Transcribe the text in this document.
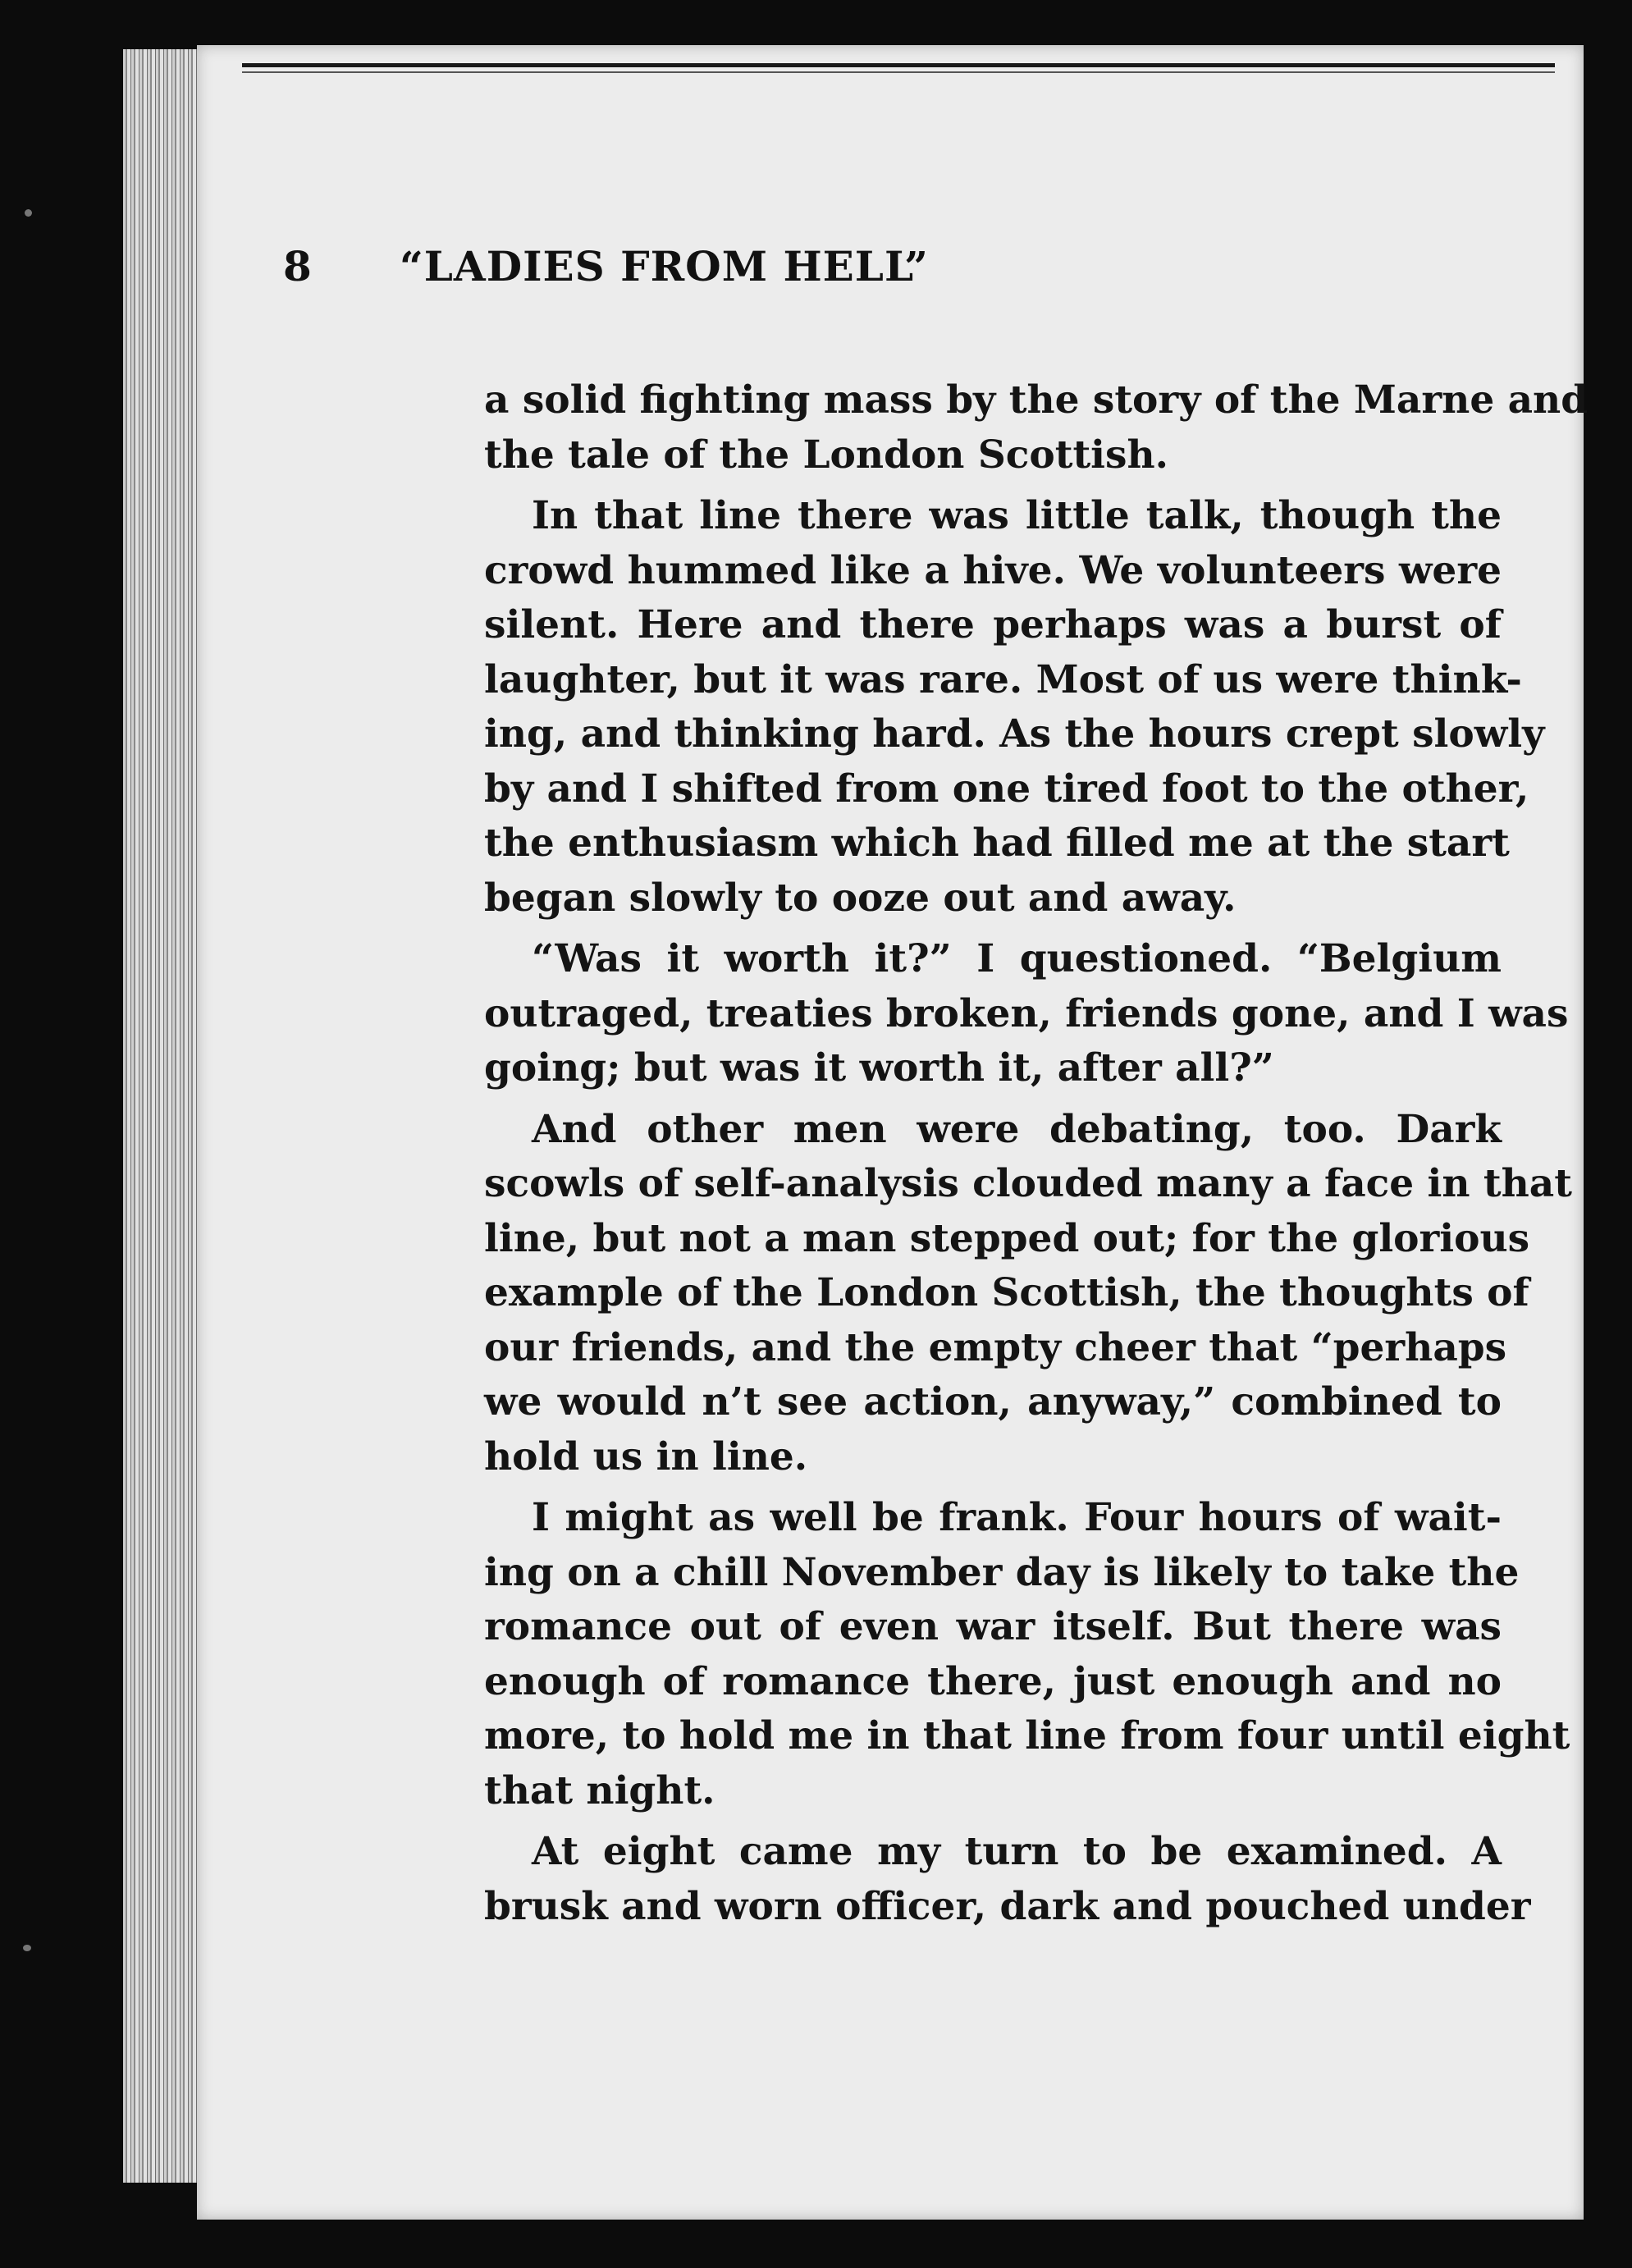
8 “LADIES FROM HELL”
a solid fighting mass by the story of the Marne and
the tale of the London Scottish.
In that line there was little talk, though the
crowd hummed like a hive. We volunteers were
silent. Here and there perhaps was a burst of
laughter, but it was rare. Most of us were think-
ing, and thinking hard. As the hours crept slowly
by and I shifted from one tired foot to the other,
the enthusiasm which had filled me at the start
began slowly to ooze out and away.
“Was it worth it?” I questioned. “Belgium
outraged, treaties broken, friends gone, and I was
going; but was it worth it, after all?”
And other men were debating, too. Dark
scowls of self-analysis clouded many a face in that
line, but not a man stepped out; for the glorious
example of the London Scottish, the thoughts of
our friends, and the empty cheer that “perhaps
we would n’t see action, anyway,” combined to
hold us in line.
I might as well be frank. Four hours of wait-
ing on a chill November day is likely to take the
romance out of even war itself. But there was
enough of romance there, just enough and no
more, to hold me in that line from four until eight
that night.
At eight came my turn to be examined. A
brusk and worn officer, dark and pouched under
